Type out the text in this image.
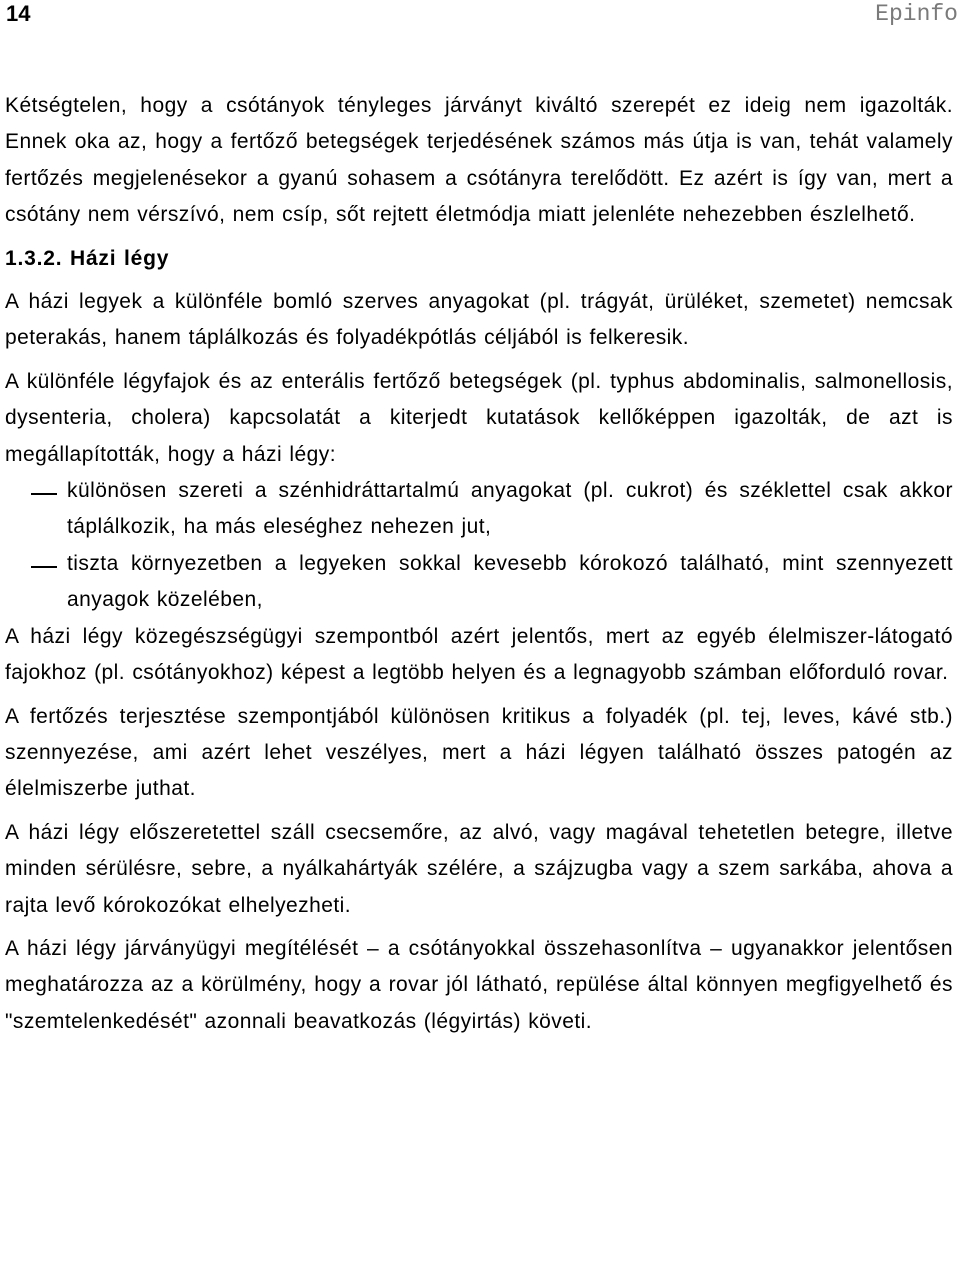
14	Epinfo

Kétségtelen, hogy a csótányok tényleges járványt kiváltó szerepét ez ideig nem igazolták. Ennek oka az, hogy a fertőző betegségek terjedésének számos más útja is van, tehát valamely fertőzés megjelenésekor a gyanú sohasem a csótányra terelődött. Ez azért is így van, mert a csótány nem vérszívó, nem csíp, sőt rejtett életmódja miatt jelenléte nehezebben észlelhető.

1.3.2. Házi légy

A házi legyek a különféle bomló szerves anyagokat (pl. trágyát, ürüléket, szemetet) nemcsak peterakás, hanem táplálkozás és folyadékpótlás céljából is felkeresik.

A különféle légyfajok és az enterális fertőző betegségek (pl. typhus abdominalis, salmonellosis, dysenteria, cholera) kapcsolatát a kiterjedt kutatások kellőképpen igazolták, de azt is megállapították, hogy a házi légy:

különösen szereti a szénhidráttartalmú anyagokat (pl. cukrot) és széklettel csak akkor táplálkozik, ha más eleséghez nehezen jut,
tiszta környezetben a legyeken sokkal kevesebb kórokozó található, mint szennyezett anyagok közelében,

A házi légy közegészségügyi szempontból azért jelentős, mert az egyéb élelmiszer-látogató fajokhoz (pl. csótányokhoz) képest a legtöbb helyen és a legnagyobb számban előforduló rovar.

A fertőzés terjesztése szempontjából különösen kritikus a folyadék (pl. tej, leves, kávé stb.) szennyezése, ami azért lehet veszélyes, mert a házi légyen található összes patogén az élelmiszerbe juthat.

A házi légy előszeretettel száll csecsemőre, az alvó, vagy magával tehetetlen betegre, illetve minden sérülésre, sebre, a nyálkahártyák szélére, a szájzugba vagy a szem sarkába, ahova a rajta levő kórokozókat elhelyezheti.

A házi légy járványügyi megítélését – a csótányokkal összehasonlítva – ugyanakkor jelentősen meghatározza az a körülmény, hogy a rovar jól látható, repülése által könnyen megfigyelhető és "szemtelenkedését" azonnali beavatkozás (légyirtás) követi.
